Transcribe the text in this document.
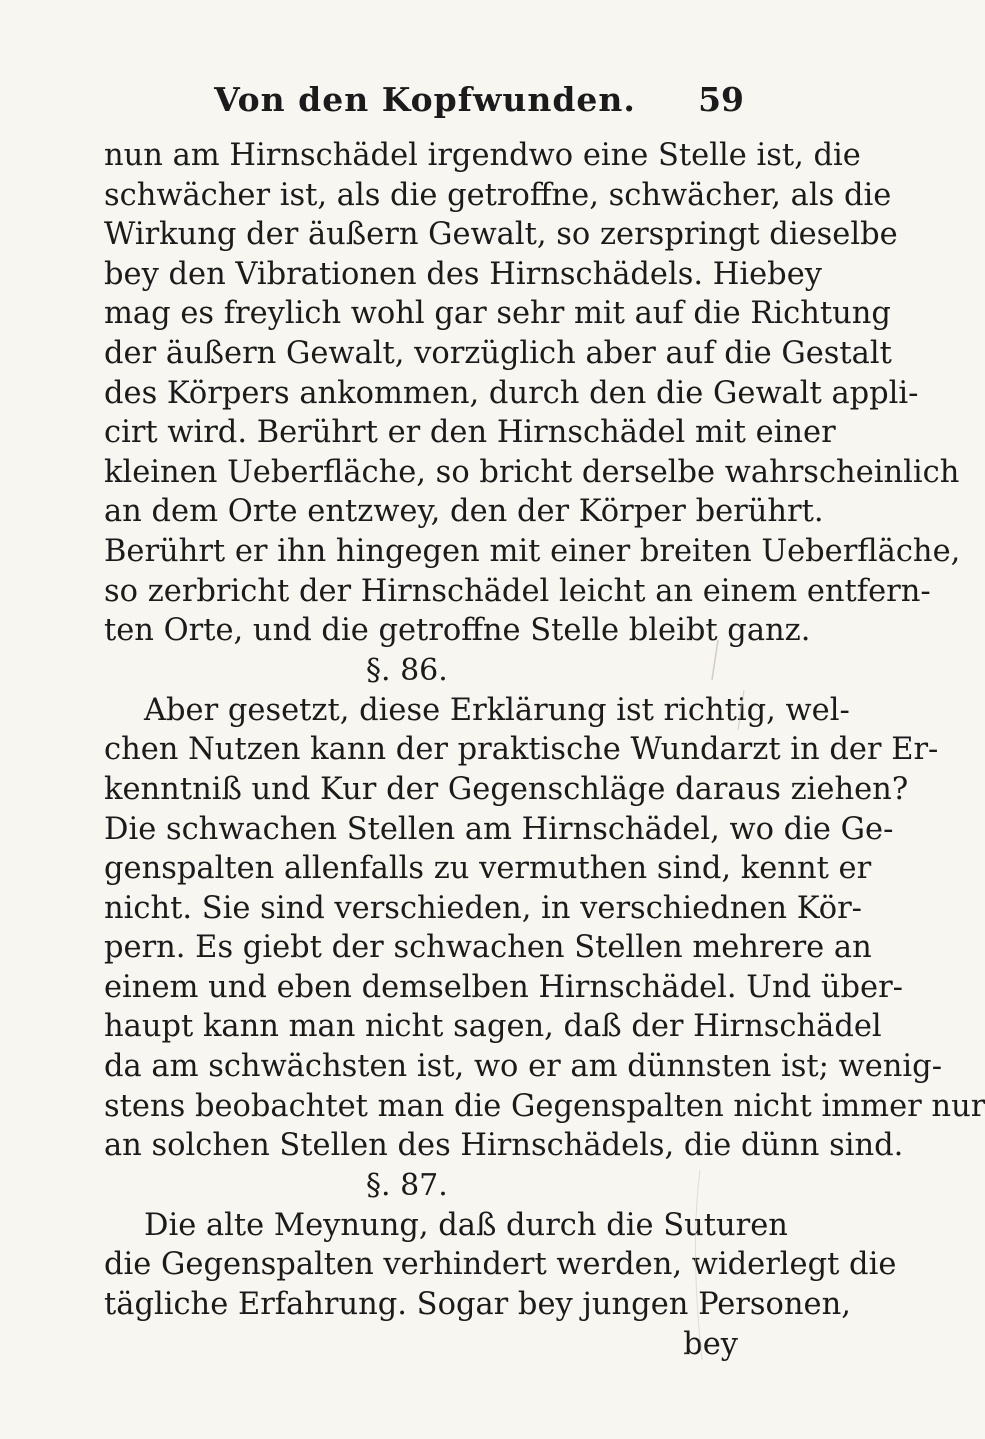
Von den Kopfwunden.	59
nun am Hirnschädel irgendwo eine Stelle ist, die
schwächer ist, als die getroffne, schwächer, als die
Wirkung der äußern Gewalt, so zerspringt dieselbe
bey den Vibrationen des Hirnschädels. Hiebey
mag es freylich wohl gar sehr mit auf die Richtung
der äußern Gewalt, vorzüglich aber auf die Gestalt
des Körpers ankommen, durch den die Gewalt appli-
cirt wird. Berührt er den Hirnschädel mit einer
kleinen Ueberfläche, so bricht derselbe wahrscheinlich
an dem Orte entzwey, den der Körper berührt.
Berührt er ihn hingegen mit einer breiten Ueberfläche,
so zerbricht der Hirnschädel leicht an einem entfern-
ten Orte, und die getroffne Stelle bleibt ganz.
§. 86.
Aber gesetzt, diese Erklärung ist richtig, wel-
chen Nutzen kann der praktische Wundarzt in der Er-
kenntniß und Kur der Gegenschläge daraus ziehen?
Die schwachen Stellen am Hirnschädel, wo die Ge-
genspalten allenfalls zu vermuthen sind, kennt er
nicht. Sie sind verschieden, in verschiednen Kör-
pern. Es giebt der schwachen Stellen mehrere an
einem und eben demselben Hirnschädel. Und über-
haupt kann man nicht sagen, daß der Hirnschädel
da am schwächsten ist, wo er am dünnsten ist; wenig-
stens beobachtet man die Gegenspalten nicht immer nur
an solchen Stellen des Hirnschädels, die dünn sind.
§. 87.
Die alte Meynung, daß durch die Suturen
die Gegenspalten verhindert werden, widerlegt die
tägliche Erfahrung. Sogar bey jungen Personen,
bey
